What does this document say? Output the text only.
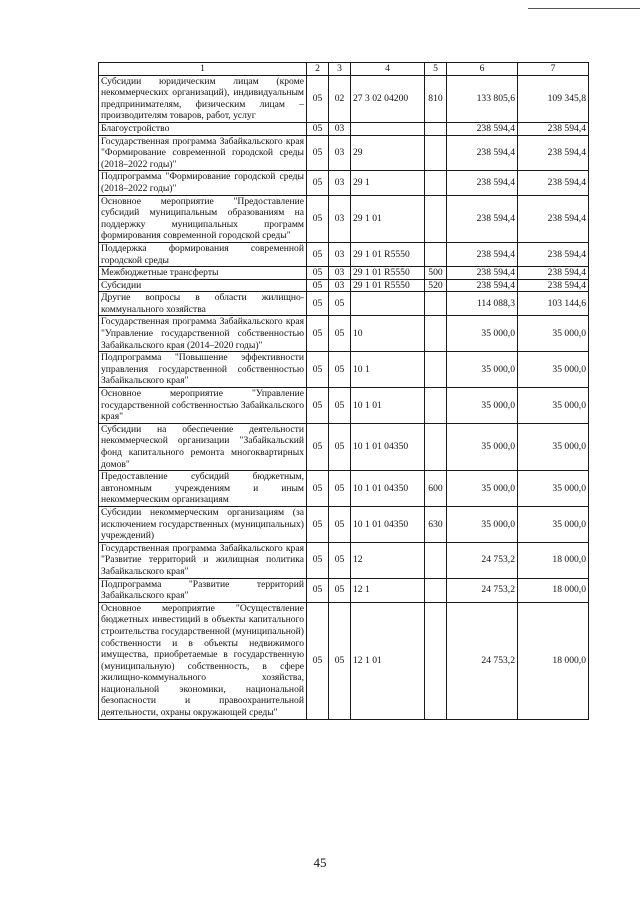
1	2	3	4	5	6	7
Субсидии юридическим лицам (кроме некоммерческих организаций), индивидуальным предпринимателям, физическим лицам – производителям товаров, работ, услуг	05	02	27 3 02 04200	810	133 805,6	109 345,8
Благоустройство	05	03			238 594,4	238 594,4
Государственная программа Забайкальского края "Формирование современной городской среды (2018–2022 годы)"	05	03	29		238 594,4	238 594,4
Подпрограмма "Формирование городской среды (2018–2022 годы)"	05	03	29 1		238 594,4	238 594,4
Основное мероприятие "Предоставление субсидий муниципальным образованиям на поддержку муниципальных программ формирования современной городской среды"	05	03	29 1 01		238 594,4	238 594,4
Поддержка формирования современной городской среды	05	03	29 1 01 R5550		238 594,4	238 594,4
Межбюджетные трансферты	05	03	29 1 01 R5550	500	238 594,4	238 594,4
Субсидии	05	03	29 1 01 R5550	520	238 594,4	238 594,4
Другие вопросы в области жилищно-коммунального хозяйства	05	05			114 088,3	103 144,6
Государственная программа Забайкальского края "Управление государственной собственностью Забайкальского края (2014–2020 годы)"	05	05	10		35 000,0	35 000,0
Подпрограмма "Повышение эффективности управления государственной собственностью Забайкальского края"	05	05	10 1		35 000,0	35 000,0
Основное мероприятие "Управление государственной собственностью Забайкальского края"	05	05	10 1 01		35 000,0	35 000,0
Субсидии на обеспечение деятельности некоммерческой организации "Забайкальский фонд капитального ремонта многоквартирных домов"	05	05	10 1 01 04350		35 000,0	35 000,0
Предоставление субсидий бюджетным, автономным учреждениям и иным некоммерческим организациям	05	05	10 1 01 04350	600	35 000,0	35 000,0
Субсидии некоммерческим организациям (за исключением государственных (муниципальных) учреждений)	05	05	10 1 01 04350	630	35 000,0	35 000,0
Государственная программа Забайкальского края "Развитие территорий и жилищная политика Забайкальского края"	05	05	12		24 753,2	18 000,0
Подпрограмма "Развитие территорий Забайкальского края"	05	05	12 1		24 753,2	18 000,0
Основное мероприятие "Осуществление бюджетных инвестиций в объекты капитального строительства государственной (муниципальной) собственности и в объекты недвижимого имущества, приобретаемые в государственную (муниципальную) собственность, в сфере жилищно-коммунального хозяйства, национальной экономики, национальной безопасности и правоохранительной деятельности, охраны окружающей среды"	05	05	12 1 01		24 753,2	18 000,0
45
